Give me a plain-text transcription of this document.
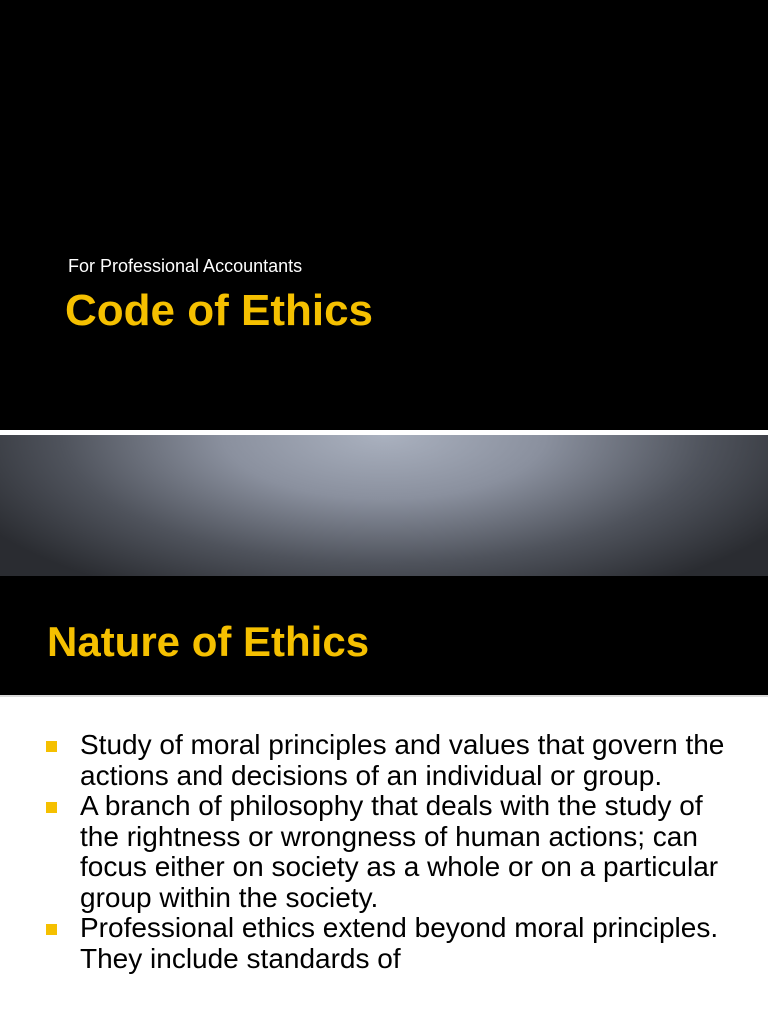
For Professional Accountants
Code of Ethics
Nature of Ethics
Study of moral principles and values that govern the actions and decisions of an individual or group.
A branch of philosophy that deals with the study of the rightness or wrongness of human actions; can focus either on society as a whole or on a particular group within the society.
Professional ethics extend beyond moral principles. They include standards of
